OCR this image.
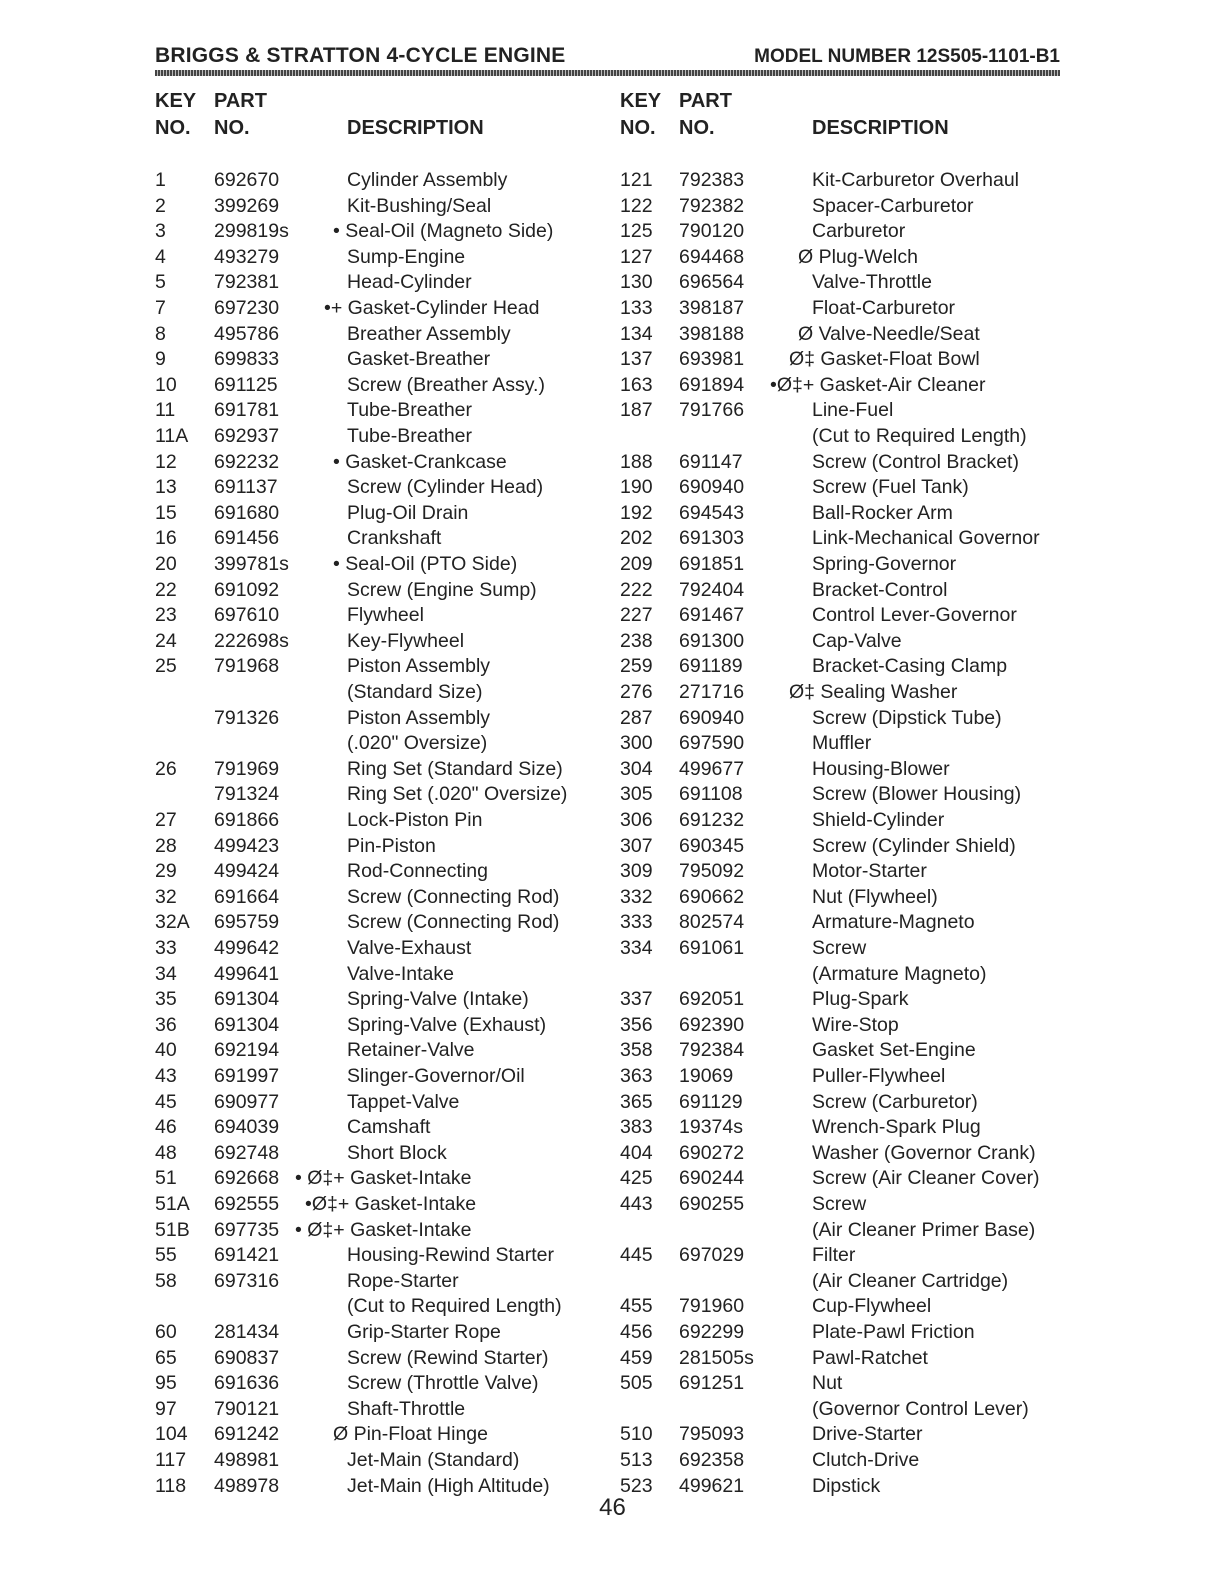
BRIGGS & STRATTON 4-CYCLE ENGINE	MODEL NUMBER 12S505-1101-B1
KEY
NO.
PART
NO.	DESCRIPTION
KEY
NO.
PART
NO.	DESCRIPTION
1 692670	Cylinder Assembly
2 399269	Kit-Bushing/Seal
3 299819s • Seal-Oil (Magneto Side)
4 493279	Sump-Engine
5 792381	Head-Cylinder
7 697230 •+ Gasket-Cylinder Head
8 495786	Breather Assembly
9 699833	Gasket-Breather
10 691125	Screw (Breather Assy.)
11 691781	Tube-Breather
11A 692937	Tube-Breather
12 692232	• Gasket-Crankcase
13 691137	Screw (Cylinder Head)
15 691680	Plug-Oil Drain
16 691456	Crankshaft
20 399781s • Seal-Oil (PTO Side)
22 691092	Screw (Engine Sump)
23 697610	Flywheel
24 222698s	Key-Flywheel
25 791968	Piston Assembly
(Standard Size)
791326	Piston Assembly
(.020" Oversize)
26 791969	Ring Set (Standard Size)
791324	Ring Set (.020" Oversize)
27 691866	Lock-Piston Pin
28 499423	Pin-Piston
29 499424	Rod-Connecting
32 691664	Screw (Connecting Rod)
32A 695759	Screw (Connecting Rod)
33 499642	Valve-Exhaust
34 499641	Valve-Intake
35 691304	Spring-Valve (Intake)
36 691304	Spring-Valve (Exhaust)
40 692194	Retainer-Valve
43 691997	Slinger-Governor/Oil
45 690977	Tappet-Valve
46 694039	Camshaft
48 692748	Short Block
51 692668 • Ø‡+ Gasket-Intake
51A 692555 •Ø‡+ Gasket-Intake
51B 697735 • Ø‡+ Gasket-Intake
55 691421	Housing-Rewind Starter
58 697316	Rope-Starter
(Cut to Required Length)
60 281434	Grip-Starter Rope
65 690837	Screw (Rewind Starter)
95 691636	Screw (Throttle Valve)
97 790121	Shaft-Throttle
104 691242	Ø Pin-Float Hinge
117 498981	Jet-Main (Standard)
118 498978	Jet-Main (High Altitude)
121 792383	Kit-Carburetor Overhaul
122 792382	Spacer-Carburetor
125 790120	Carburetor
127 694468	Ø Plug-Welch
130 696564	Valve-Throttle
133 398187	Float-Carburetor
134 398188	Ø Valve-Needle/Seat
137 693981 Ø‡ Gasket-Float Bowl
163 691894 •Ø‡+ Gasket-Air Cleaner
187 791766	Line-Fuel
(Cut to Required Length)
188 691147	Screw (Control Bracket)
190 690940	Screw (Fuel Tank)
192 694543	Ball-Rocker Arm
202 691303	Link-Mechanical Governor
209 691851	Spring-Governor
222 792404	Bracket-Control
227 691467	Control Lever-Governor
238 691300	Cap-Valve
259 691189	Bracket-Casing Clamp
276 271716 Ø‡ Sealing Washer
287 690940	Screw (Dipstick Tube)
300 697590	Muffler
304 499677	Housing-Blower
305 691108	Screw (Blower Housing)
306 691232	Shield-Cylinder
307 690345	Screw (Cylinder Shield)
309 795092	Motor-Starter
332 690662	Nut (Flywheel)
333 802574	Armature-Magneto
334 691061	Screw
(Armature Magneto)
337 692051	Plug-Spark
356 692390	Wire-Stop
358 792384	Gasket Set-Engine
363 19069	Puller-Flywheel
365 691129	Screw (Carburetor)
383 19374s	Wrench-Spark Plug
404 690272	Washer (Governor Crank)
425 690244	Screw (Air Cleaner Cover)
443 690255	Screw
(Air Cleaner Primer Base)
445 697029	Filter
(Air Cleaner Cartridge)
455 791960	Cup-Flywheel
456 692299	Plate-Pawl Friction
459 281505s	Pawl-Ratchet
505 691251	Nut
(Governor Control Lever)
510 795093	Drive-Starter
513 692358	Clutch-Drive
523 499621	Dipstick
46
